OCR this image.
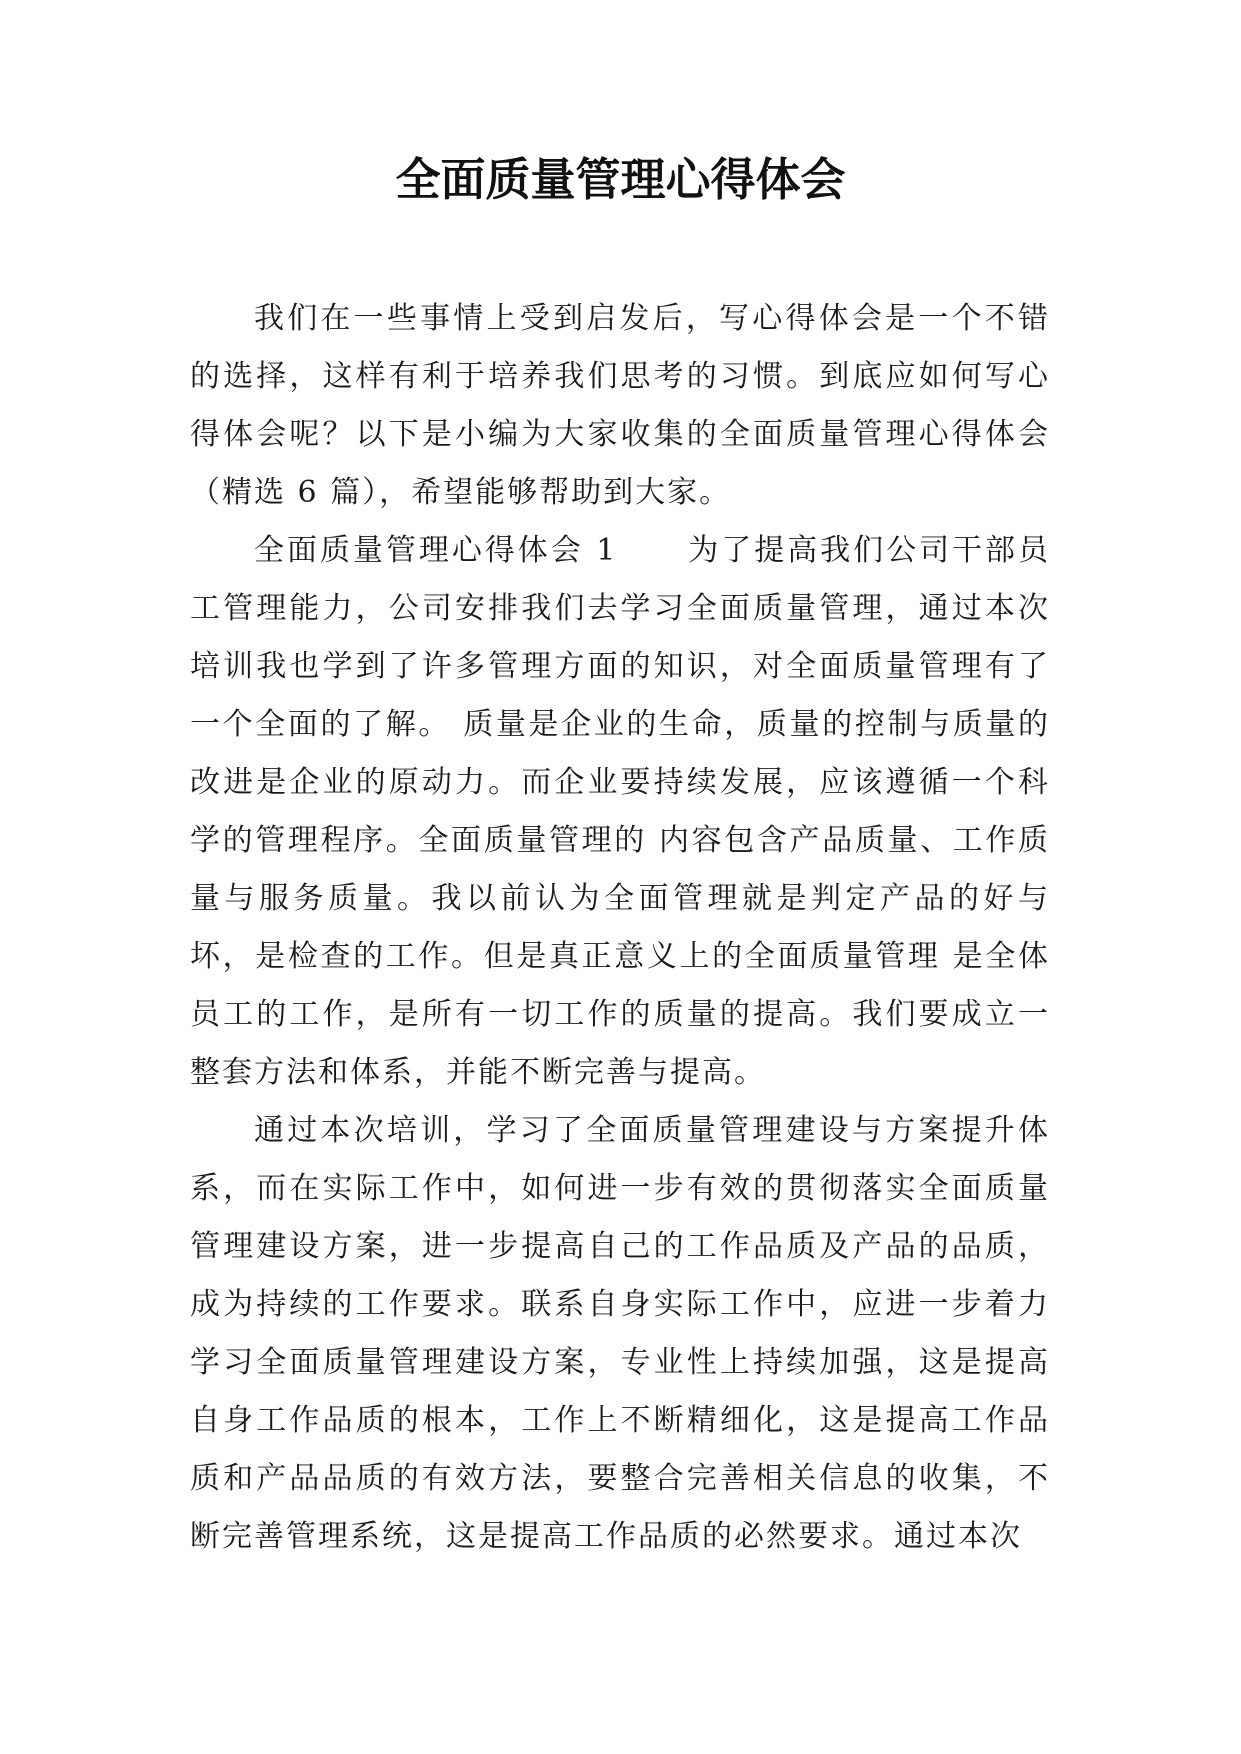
全面质量管理心得体会

我们在一些事情上受到启发后，写心得体会是一个不错的选择，这样有利于培养我们思考的习惯。到底应如何写心得体会呢？以下是小编为大家收集的全面质量管理心得体会（精选 6 篇），希望能够帮助到大家。

全面质量管理心得体会 1 为了提高我们公司干部员工管理能力，公司安排我们去学习全面质量管理，通过本次培训我也学到了许多管理方面的知识，对全面质量管理有了一个全面的了解。 质量是企业的生命，质量的控制与质量的改进是企业的原动力。而企业要持续发展，应该遵循一个科学的管理程序。全面质量管理的 内容包含产品质量、工作质量与服务质量。我以前认为全面管理就是判定产品的好与坏，是检查的工作。但是真正意义上的全面质量管理 是全体员工的工作，是所有一切工作的质量的提高。我们要成立一整套方法和体系，并能不断完善与提高。

通过本次培训，学习了全面质量管理建设与方案提升体系，而在实际工作中，如何进一步有效的贯彻落实全面质量管理建设方案，进一步提高自己的工作品质及产品的品质，成为持续的工作要求。联系自身实际工作中，应进一步着力学习全面质量管理建设方案，专业性上持续加强，这是提高自身工作品质的根本，工作上不断精细化，这是提高工作品质和产品品质的有效方法，要整合完善相关信息的收集，不断完善管理系统，这是提高工作品质的必然要求。通过本次
